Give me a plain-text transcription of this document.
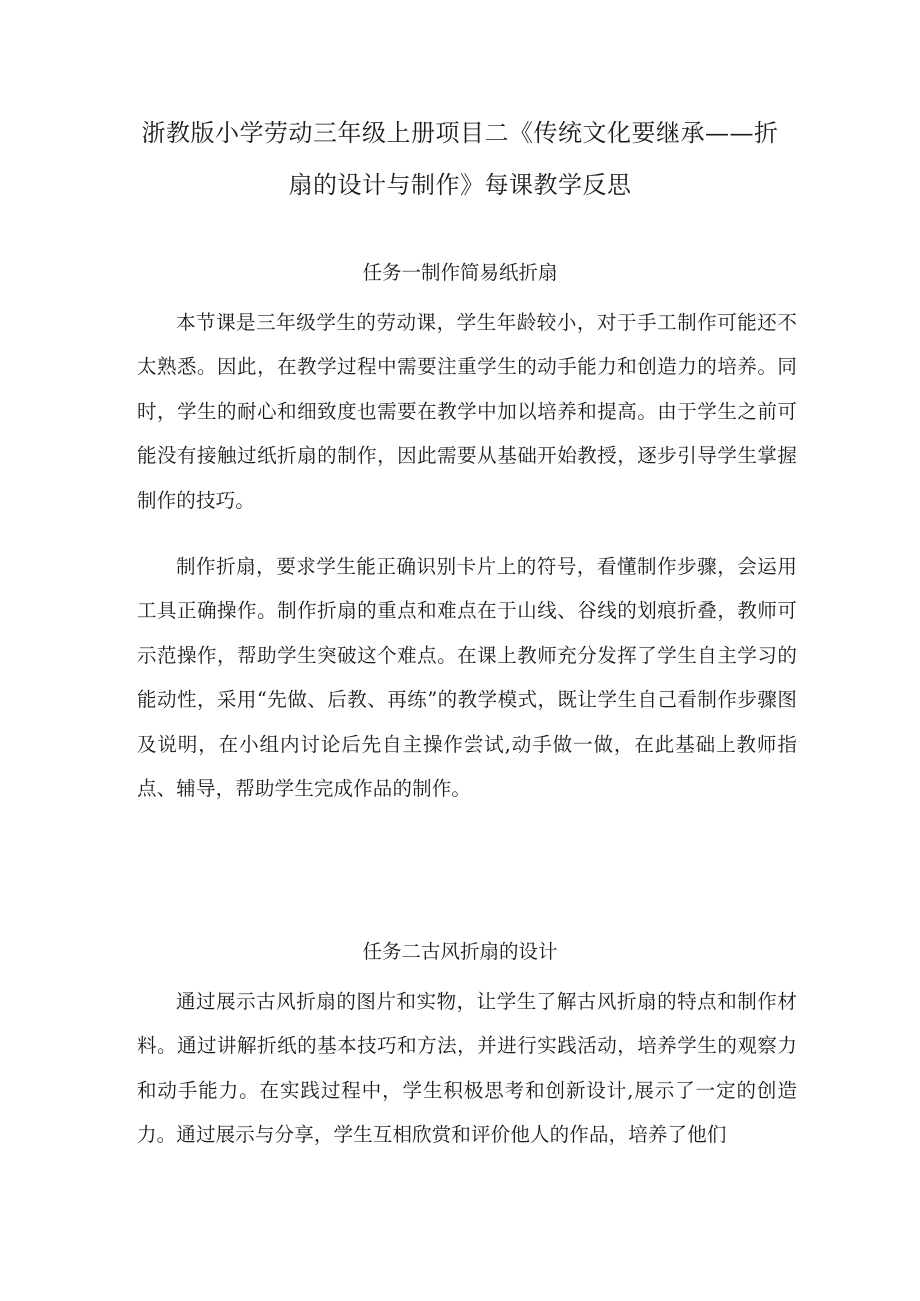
浙教版小学劳动三年级上册项目二《传统文化要继承——折
扇的设计与制作》每课教学反思
任务一制作简易纸折扇

本节课是三年级学生的劳动课，学生年龄较小，对于手工制作可能还不太熟悉。因此，在教学过程中需要注重学生的动手能力和创造力的培养。同时，学生的耐心和细致度也需要在教学中加以培养和提高。由于学生之前可能没有接触过纸折扇的制作，因此需要从基础开始教授，逐步引导学生掌握制作的技巧。

制作折扇，要求学生能正确识别卡片上的符号，看懂制作步骤，会运用工具正确操作。制作折扇的重点和难点在于山线、谷线的划痕折叠，教师可示范操作，帮助学生突破这个难点。在课上教师充分发挥了学生自主学习的能动性，采用“先做、后教、再练”的教学模式，既让学生自己看制作步骤图及说明，在小组内讨论后先自主操作尝试,动手做一做，在此基础上教师指点、辅导，帮助学生完成作品的制作。

任务二古风折扇的设计

通过展示古风折扇的图片和实物，让学生了解古风折扇的特点和制作材料。通过讲解折纸的基本技巧和方法，并进行实践活动，培养学生的观察力和动手能力。在实践过程中，学生积极思考和创新设计,展示了一定的创造力。通过展示与分享，学生互相欣赏和评价他人的作品，培养了他们
